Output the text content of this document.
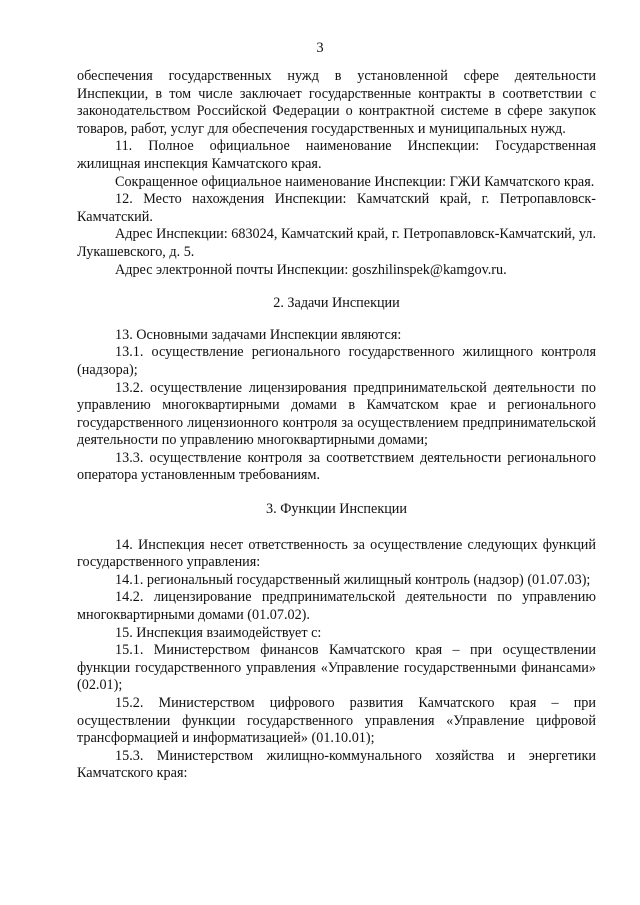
3

обеспечения государственных нужд в установленной сфере деятельности Инспекции, в том числе заключает государственные контракты в соответствии с законодательством Российской Федерации о контрактной системе в сфере закупок товаров, работ, услуг для обеспечения государственных и муниципальных нужд.

11. Полное официальное наименование Инспекции: Государственная жилищная инспекция Камчатского края.

Сокращенное официальное наименование Инспекции: ГЖИ Камчатского края.

12. Место нахождения Инспекции: Камчатский край, г. Петропавловск-Камчатский.

Адрес Инспекции: 683024, Камчатский край, г. Петропавловск-Камчатский, ул. Лукашевского, д. 5.

Адрес электронной почты Инспекции: goszhilinspek@kamgov.ru.

2. Задачи Инспекции

13. Основными задачами Инспекции являются:

13.1. осуществление регионального государственного жилищного контроля (надзора);

13.2. осуществление лицензирования предпринимательской деятельности по управлению многоквартирными домами в Камчатском крае и регионального государственного лицензионного контроля за осуществлением предпринимательской деятельности по управлению многоквартирными домами;

13.3. осуществление контроля за соответствием деятельности регионального оператора установленным требованиям.

3. Функции Инспекции

14. Инспекция несет ответственность за осуществление следующих функций государственного управления:

14.1. региональный государственный жилищный контроль (надзор) (01.07.03);

14.2. лицензирование предпринимательской деятельности по управлению многоквартирными домами (01.07.02).

15. Инспекция взаимодействует с:

15.1. Министерством финансов Камчатского края – при осуществлении функции государственного управления «Управление государственными финансами» (02.01);

15.2. Министерством цифрового развития Камчатского края – при осуществлении функции государственного управления «Управление цифровой трансформацией и информатизацией» (01.10.01);

15.3. Министерством жилищно-коммунального хозяйства и энергетики Камчатского края:
